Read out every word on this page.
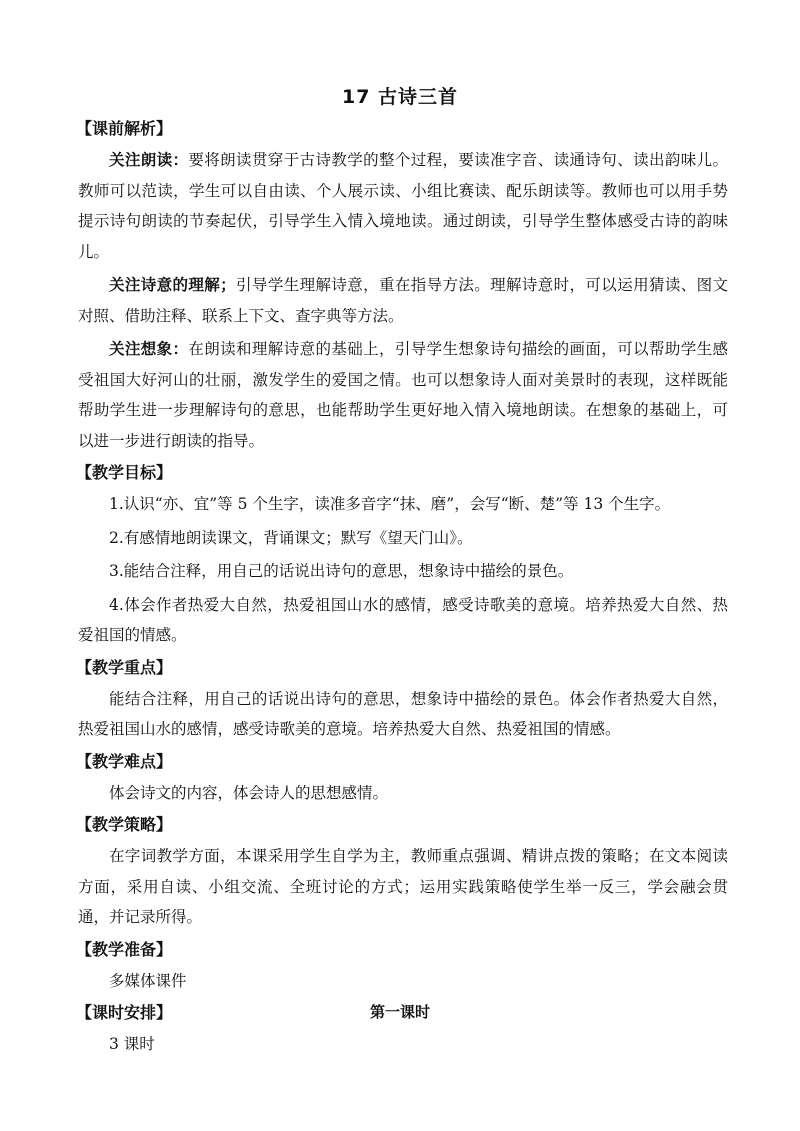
17 古诗三首
【课前解析】

关注朗读：要将朗读贯穿于古诗教学的整个过程，要读准字音、读通诗句、读出韵味儿。教师可以范读，学生可以自由读、个人展示读、小组比赛读、配乐朗读等。教师也可以用手势提示诗句朗读的节奏起伏，引导学生入情入境地读。通过朗读，引导学生整体感受古诗的韵味儿。

关注诗意的理解；引导学生理解诗意，重在指导方法。理解诗意时，可以运用猜读、图文对照、借助注释、联系上下文、查字典等方法。

关注想象：在朗读和理解诗意的基础上，引导学生想象诗句描绘的画面，可以帮助学生感受祖国大好河山的壮丽，激发学生的爱国之情。也可以想象诗人面对美景时的表现，这样既能帮助学生进一步理解诗句的意思，也能帮助学生更好地入情入境地朗读。在想象的基础上，可以进一步进行朗读的指导。

【教学目标】

1.认识“亦、宜”等 5 个生字，读准多音字“抹、磨”，会写“断、楚”等 13 个生字。

2.有感情地朗读课文，背诵课文；默写《望天门山》。

3.能结合注释，用自己的话说出诗句的意思，想象诗中描绘的景色。

4.体会作者热爱大自然，热爱祖国山水的感情，感受诗歌美的意境。培养热爱大自然、热爱祖国的情感。

【教学重点】

能结合注释，用自己的话说出诗句的意思，想象诗中描绘的景色。体会作者热爱大自然，热爱祖国山水的感情，感受诗歌美的意境。培养热爱大自然、热爱祖国的情感。

【教学难点】

体会诗文的内容，体会诗人的思想感情。

【教学策略】

在字词教学方面，本课采用学生自学为主，教师重点强调、精讲点拨的策略；在文本阅读方面，采用自读、小组交流、全班讨论的方式；运用实践策略使学生举一反三，学会融会贯通，并记录所得。

【教学准备】

多媒体课件

【课时安排】

3 课时

第一课时
